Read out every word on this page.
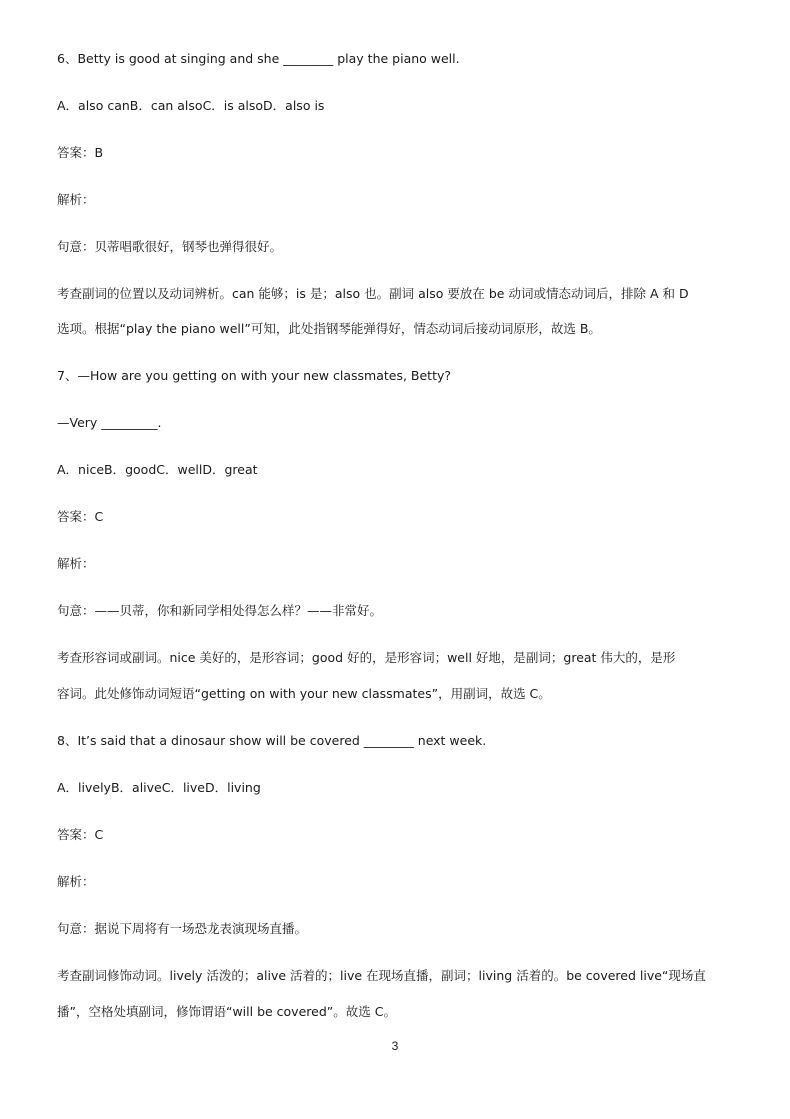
6、Betty is good at singing and she ________ play the piano well.
A．also canB．can alsoC．is alsoD．also is
答案：B
解析：
句意：贝蒂唱歌很好，钢琴也弹得很好。
考查副词的位置以及动词辨析。can 能够；is 是；also 也。副词 also 要放在 be 动词或情态动词后，排除 A 和 D
选项。根据“play the piano well”可知，此处指钢琴能弹得好，情态动词后接动词原形，故选 B。
7、—How are you getting on with your new classmates, Betty?
—Very _________.
A．niceB．goodC．wellD．great
答案：C
解析：
句意：——贝蒂，你和新同学相处得怎么样？——非常好。
考查形容词或副词。nice 美好的，是形容词；good 好的，是形容词；well 好地，是副词；great 伟大的，是形
容词。此处修饰动词短语“getting on with your new classmates”，用副词，故选 C。
8、It’s said that a dinosaur show will be covered ________ next week.
A．livelyB．aliveC．liveD．living
答案：C
解析：
句意：据说下周将有一场恐龙表演现场直播。
考查副词修饰动词。lively 活泼的；alive 活着的；live 在现场直播，副词；living 活着的。be covered live“现场直
播”，空格处填副词，修饰谓语“will be covered”。故选 C。
3
